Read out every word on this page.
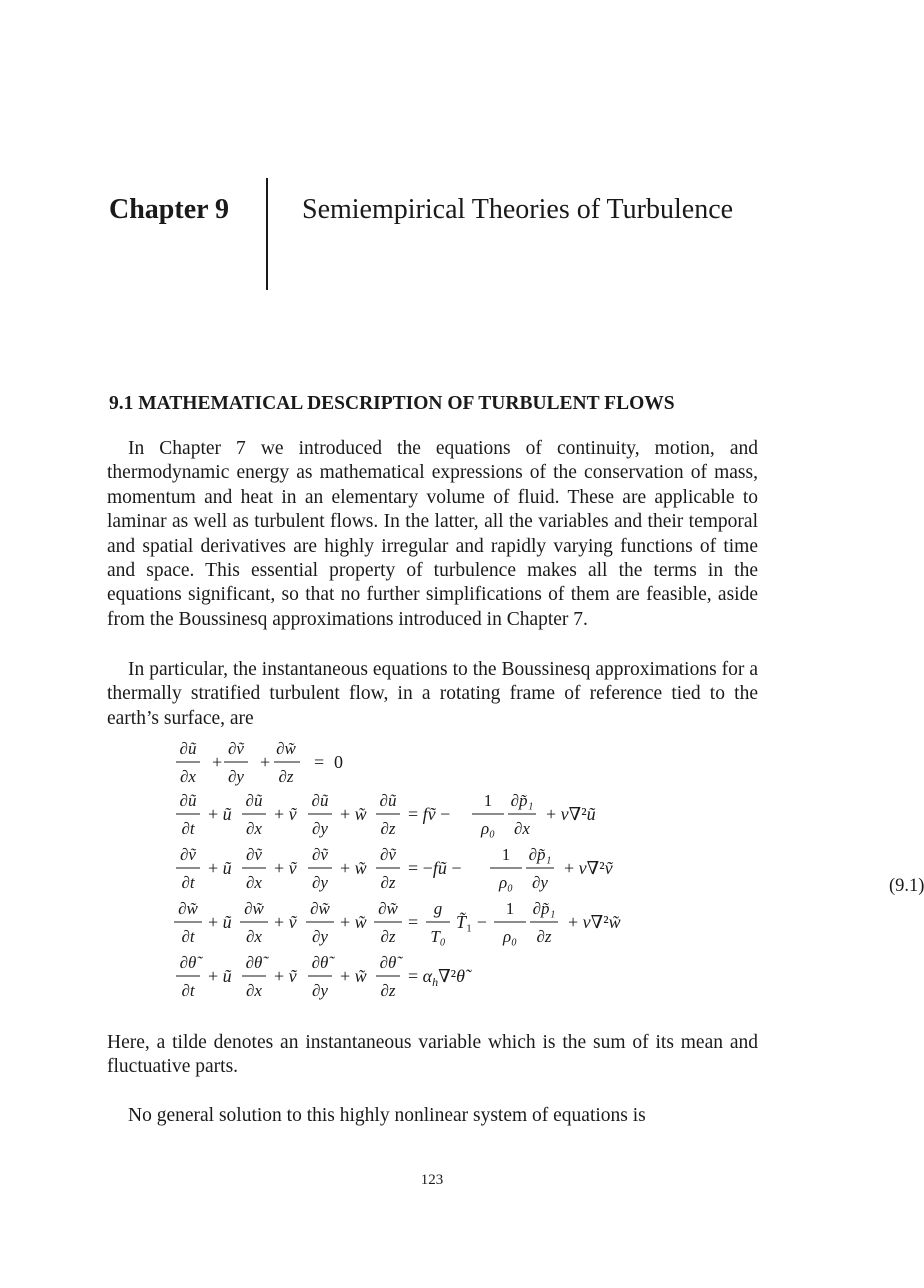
Chapter 9	Semiempirical Theories of Turbulence
9.1 MATHEMATICAL DESCRIPTION OF TURBULENT FLOWS

In Chapter 7 we introduced the equations of continuity, motion, and thermodynamic energy as mathematical expressions of the conservation of mass, momentum and heat in an elementary volume of fluid. These are applicable to laminar as well as turbulent flows. In the latter, all the variables and their temporal and spatial derivatives are highly irregular and rapidly varying functions of time and space. This essential property of turbulence makes all the terms in the equations significant, so that no further simplifications of them are feasible, aside from the Boussinesq approximations introduced in Chapter 7.

In particular, the instantaneous equations to the Boussinesq approximations for a thermally stratified turbulent flow, in a rotating frame of reference tied to the earth’s surface, are

∂ũ
∂x
+
∂ṽ
∂y
+
∂w̃
∂z
= 0
∂ũ
∂t
+ ũ
∂ũ
∂x
+ ṽ
∂ũ
∂y
+ w̃
∂ũ
∂z
= fṽ −
1
ρ₀
∂p̃₁
∂x
+ ν∇²ũ
∂ṽ
∂t
+ ũ
∂ṽ
∂x
+ ṽ
∂ṽ
∂y
+ w̃
∂ṽ
∂z
= −fũ −
1
ρ₀
∂p̃₁
∂y
+ ν∇²ṽ
∂w̃
∂t
+ ũ
∂w̃
∂x
+ ṽ
∂w̃
∂y
+ w̃
∂w̃
∂z
=
g
T₀
T̃₁ −
1
ρ₀
∂p̃₁
∂z
+ ν∇²w̃
∂θ̃
∂t
+ ũ
∂θ̃
∂x
+ ṽ
∂θ̃
∂y
+ w̃
∂θ̃
∂z
= $\alpha_h\nabla^2\thetã$
(9.1)

Here, a tilde denotes an instantaneous variable which is the sum of its mean and fluctuative parts.

No general solution to this highly nonlinear system of equations is

123
